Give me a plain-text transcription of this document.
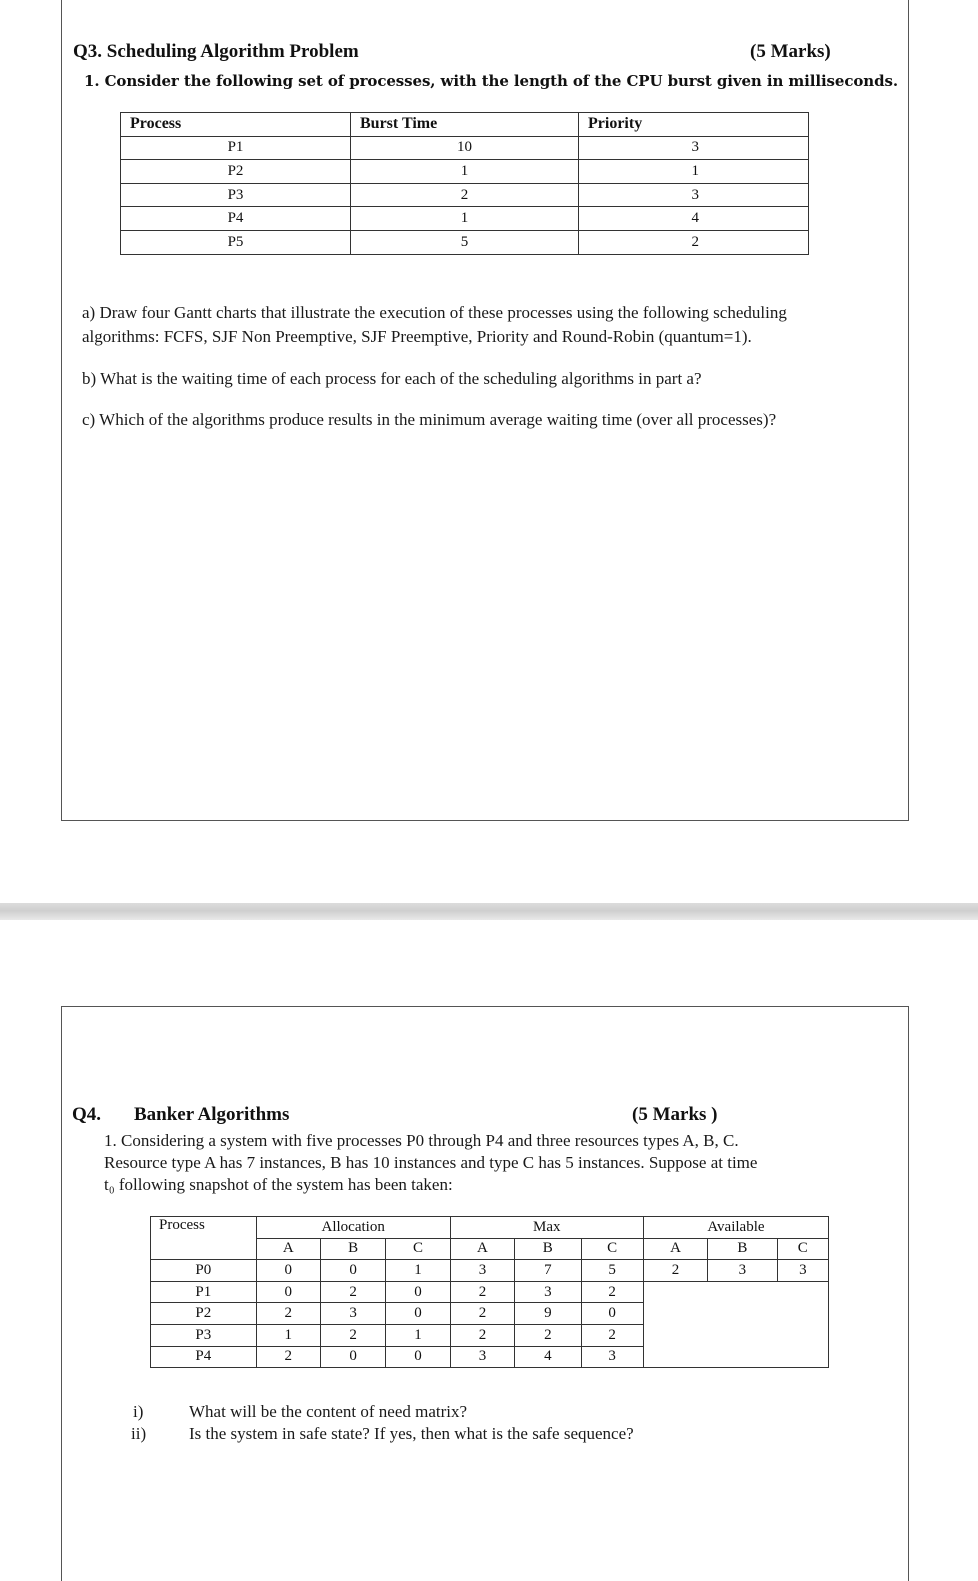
Q3. Scheduling Algorithm Problem	(5 Marks)
1. Consider the following set of processes, with the length of the CPU burst given in milliseconds.
Process	Burst Time	Priority
P1	10	3
P2	1	1
P3	2	3
P4	1	4
P5	5	2
a) Draw four Gantt charts that illustrate the execution of these processes using the following scheduling
algorithms: FCFS, SJF Non Preemptive, SJF Preemptive, Priority and Round-Robin (quantum=1).
b) What is the waiting time of each process for each of the scheduling algorithms in part a?
c) Which of the algorithms produce results in the minimum average waiting time (over all processes)?
Q4. Banker Algorithms	(5 Marks )
1. Considering a system with five processes P0 through P4 and three resources types A, B, C.
Resource type A has 7 instances, B has 10 instances and type C has 5 instances. Suppose at time
t₀ following snapshot of the system has been taken:
Process	Allocation			Max			Available		
	A	B	C	A	B	C	A	B	C
P0	0	0	1	3	7	5	2	3	3
P1	0	2	0	2	3	2			
P2	2	3	0	2	9	0			
P3	1	2	1	2	2	2			
P4	2	0	0	3	4	3			
i)	What will be the content of need matrix?
ii)	Is the system in safe state? If yes, then what is the safe sequence?
